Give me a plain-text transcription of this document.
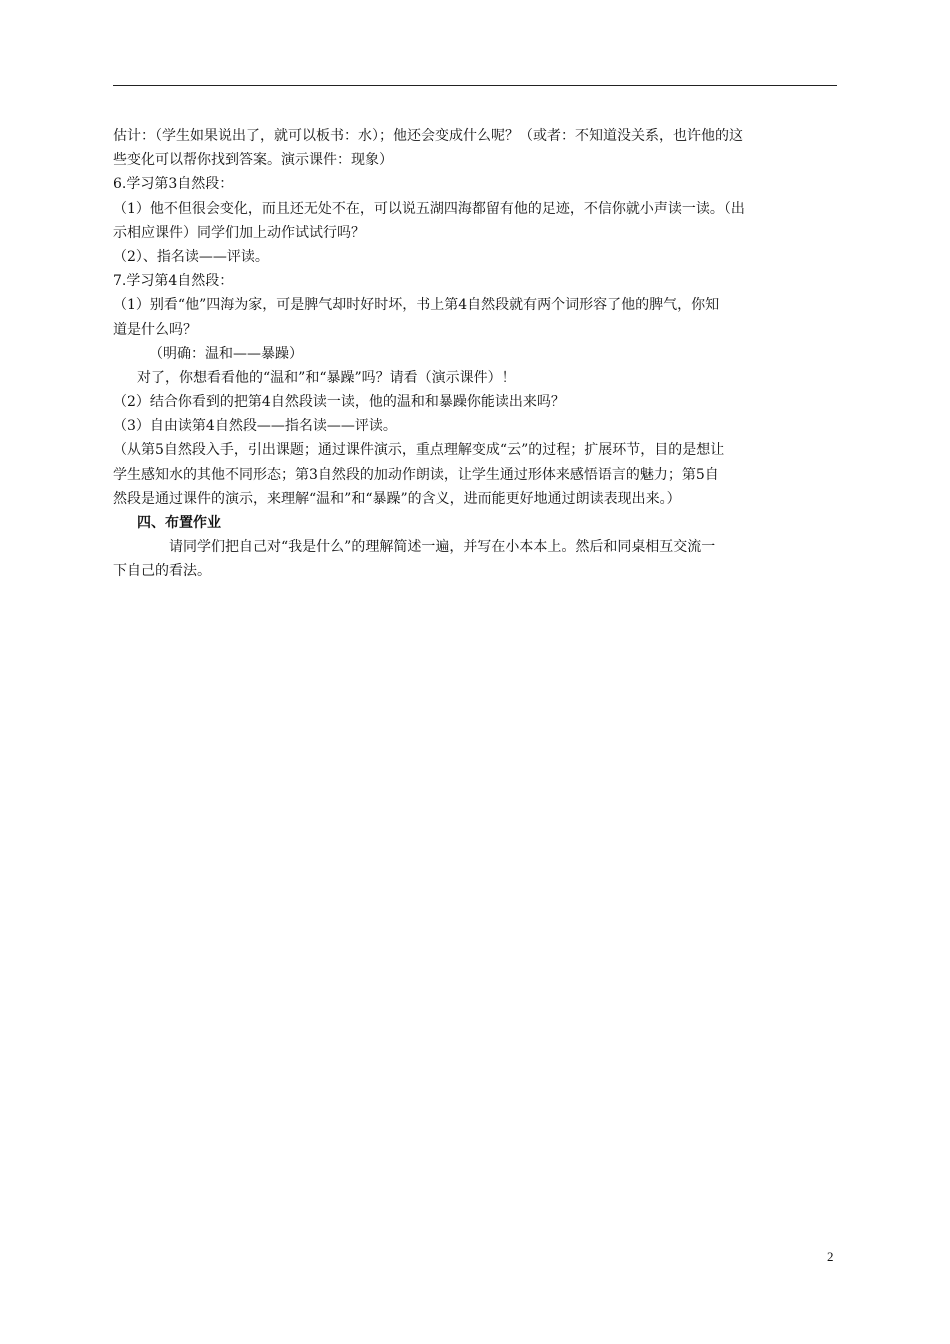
估计：（学生如果说出了，就可以板书：水）；他还会变成什么呢？（或者：不知道没关系，也许他的这
些变化可以帮你找到答案。演示课件：现象）
6.学习第3自然段：
（1）他不但很会变化，而且还无处不在，可以说五湖四海都留有他的足迹，不信你就小声读一读。（出
示相应课件）同学们加上动作试试行吗？
（2）、指名读——评读。
7.学习第4自然段：
（1）别看“他”四海为家，可是脾气却时好时坏，书上第4自然段就有两个词形容了他的脾气，你知
道是什么吗？
（明确：温和——暴躁）
对了，你想看看他的“温和”和“暴躁”吗？请看（演示课件）！
（2）结合你看到的把第4自然段读一读，他的温和和暴躁你能读出来吗？
（3）自由读第4自然段——指名读——评读。
（从第5自然段入手，引出课题；通过课件演示，重点理解变成“云”的过程；扩展环节，目的是想让
学生感知水的其他不同形态；第3自然段的加动作朗读，让学生通过形体来感悟语言的魅力；第5自
然段是通过课件的演示，来理解“温和”和“暴躁”的含义，进而能更好地通过朗读表现出来。）
四、布置作业
请同学们把自己对“我是什么”的理解简述一遍，并写在小本本上。然后和同桌相互交流一
下自己的看法。
2
